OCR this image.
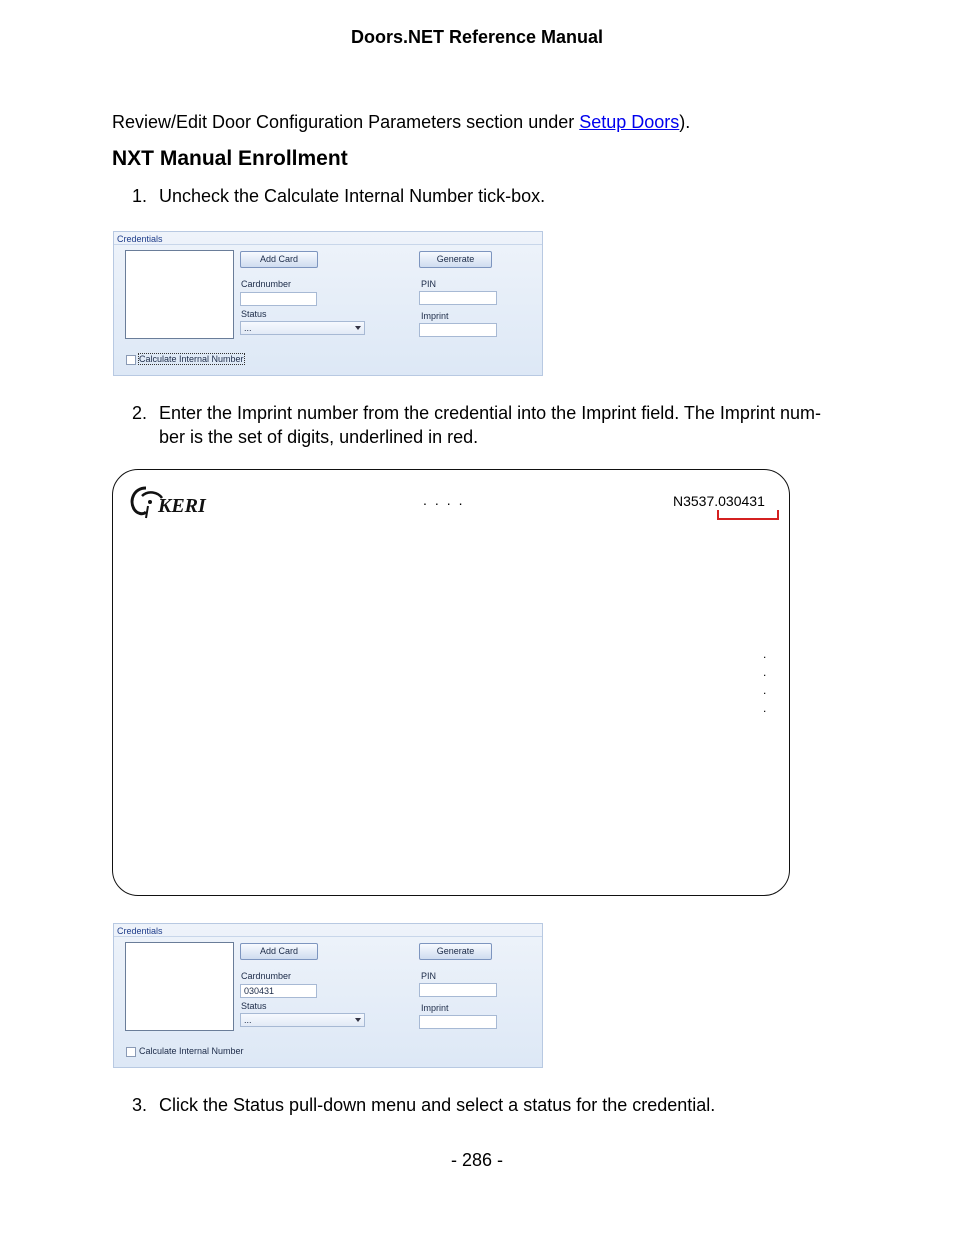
Doors.NET Reference Manual
Review/Edit Door Configuration Parameters section under Setup Doors).
NXT Manual Enrollment
1. Uncheck the Calculate Internal Number tick-box.
Credentials
Add Card	Generate
Cardnumber
Status
...
PIN
Imprint
Calculate Internal Number
2. Enter the Imprint number from the credential into the Imprint field. The Imprint num-
ber is the set of digits, underlined in red.
KERI	....	N3537.030431
.
.
.
.
Credentials
Add Card	Generate
Cardnumber
030431
Status
...
PIN
Imprint
Calculate Internal Number
3. Click the Status pull-down menu and select a status for the credential.
- 286 -
